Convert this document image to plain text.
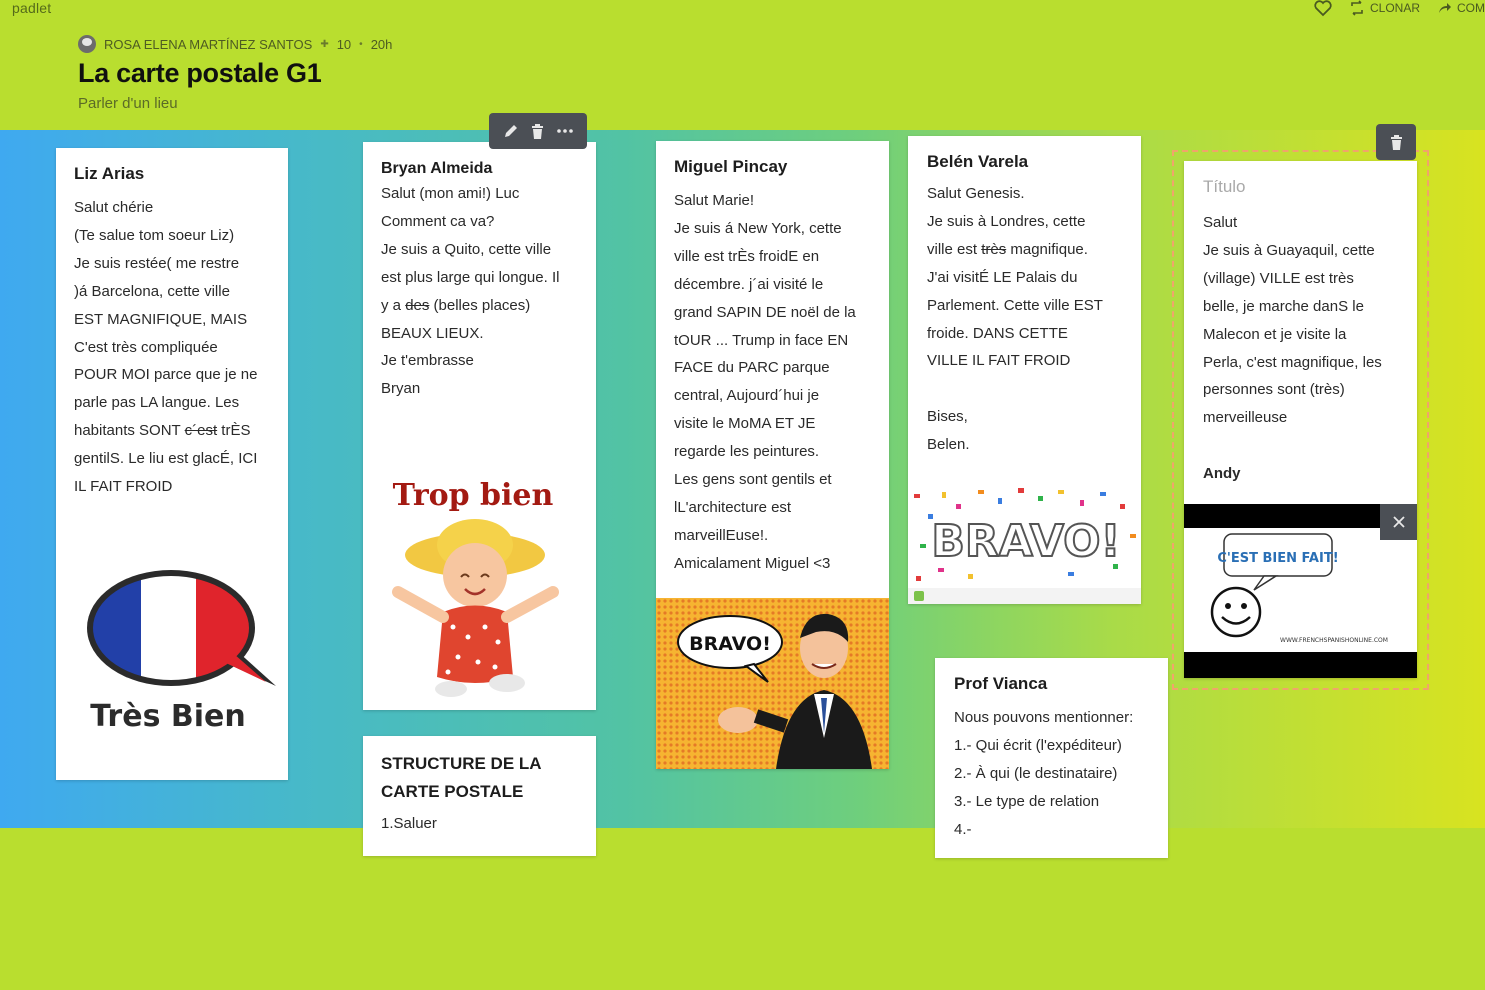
padlet	CLONAR	COM
ROSA ELENA MARTÍNEZ SANTOS ✚ 10 • 20h
La carte postale G1
Parler d'un lieu
Liz Arias
Salut chérie
(Te salue tom soeur Liz)
Je suis restée( me restre
)á Barcelona, cette ville
EST MAGNIFIQUE, MAIS
C'est très compliquée
POUR MOI parce que je ne
parle pas LA langue. Les
habitants SONT c´est trÈS
gentilS. Le liu est glacÉ, ICI
IL FAIT FROID
Très Bien
Bryan Almeida
Salut (mon ami!) Luc
Comment ca va?
Je suis a Quito, cette ville
est plus large qui longue. Il
y a des (belles places)
BEAUX LIEUX.
Je t'embrasse
Bryan
Trop bien
STRUCTURE DE LA CARTE POSTALE
1.Saluer
Miguel Pincay
Salut Marie!
Je suis á New York, cette
ville est trÈs froidE en
décembre. j´ai visité le
grand SAPIN DE noël de la
tOUR ... Trump in face EN
FACE du PARC parque
central, Aujourd´hui je
visite le MoMA ET JE
regarde les peintures.
Les gens sont gentils et
lL'architecture est
marveillEuse!.
Amicalament Miguel <3
BRAVO!
Belén Varela
Salut Genesis.
Je suis à Londres, cette
ville est très magnifique.
J'ai visitÉ LE Palais du
Parlement. Cette ville EST
froide. DANS CETTE
VILLE IL FAIT FROID

Bises,
Belen.
BRAVO!
Prof Vianca
Nous pouvons mentionner:
1.- Qui écrit (l'expéditeur)
2.- À qui (le destinataire)
3.- Le type de relation
4.-
Título
Salut
Je suis à Guayaquil, cette
(village) VILLE est très
belle, je marche danS le
Malecon et je visite la
Perla, c'est magnifique, les
personnes sont (très)
merveilleuse
Andy
C'EST BIEN FAIT!
WWW.FRENCHSPANISHONLINE.COM
